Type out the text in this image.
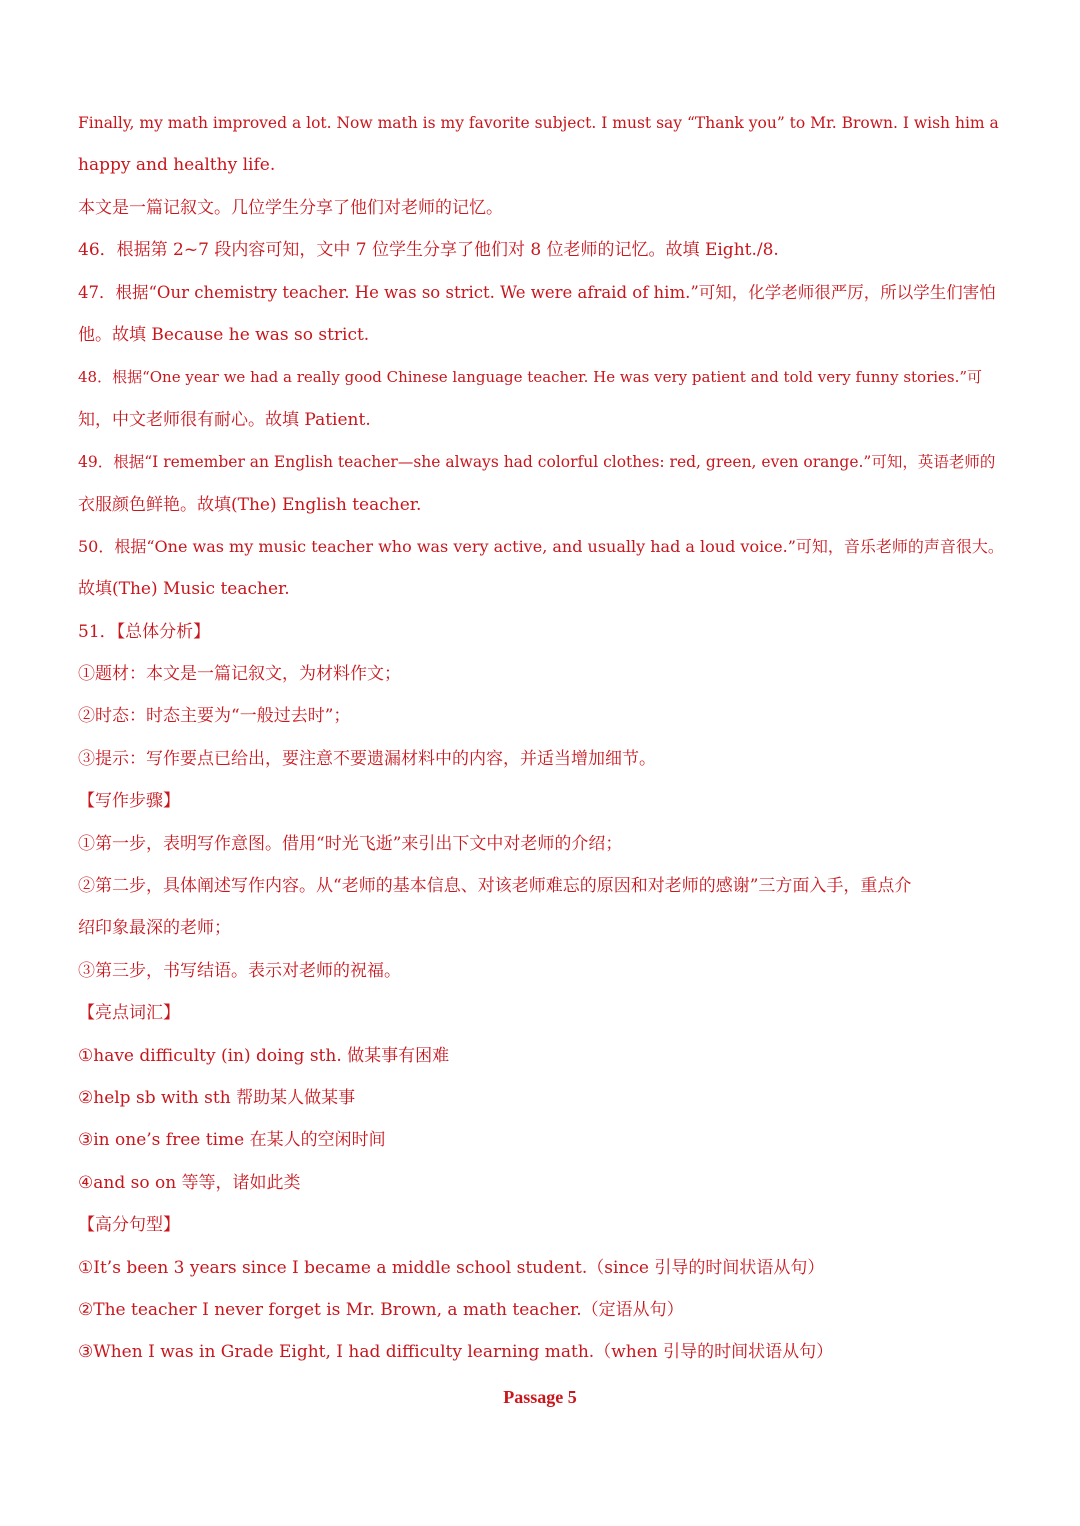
Finally, my math improved a lot. Now math is my favorite subject. I must say “Thank you” to Mr. Brown. I wish him a
happy and healthy life.
本文是一篇记叙文。几位学生分享了他们对老师的记忆。
46．根据第 2~7 段内容可知，文中 7 位学生分享了他们对 8 位老师的记忆。故填 Eight./8.
47．根据“Our chemistry teacher. He was so strict. We were afraid of him.”可知，化学老师很严厉，所以学生们害怕
他。故填 Because he was so strict.
48．根据“One year we had a really good Chinese language teacher. He was very patient and told very funny stories.”可
知，中文老师很有耐心。故填 Patient.
49．根据“I remember an English teacher—she always had colorful clothes: red, green, even orange.”可知，英语老师的
衣服颜色鲜艳。故填(The) English teacher.
50．根据“One was my music teacher who was very active, and usually had a loud voice.”可知，音乐老师的声音很大。
故填(The) Music teacher.
51．【总体分析】
①题材：本文是一篇记叙文，为材料作文；
②时态：时态主要为“一般过去时”；
③提示：写作要点已给出，要注意不要遗漏材料中的内容，并适当增加细节。
【写作步骤】
①第一步，表明写作意图。借用“时光飞逝”来引出下文中对老师的介绍；
②第二步，具体阐述写作内容。从“老师的基本信息、对该老师难忘的原因和对老师的感谢”三方面入手，重点介
绍印象最深的老师；
③第三步，书写结语。表示对老师的祝福。
【亮点词汇】
①have difficulty (in) doing sth. 做某事有困难
②help sb with sth 帮助某人做某事
③in one’s free time 在某人的空闲时间
④and so on 等等，诸如此类
【高分句型】
①It’s been 3 years since I became a middle school student.（since 引导的时间状语从句）
②The teacher I never forget is Mr. Brown, a math teacher.（定语从句）
③When I was in Grade Eight, I had difficulty learning math.（when 引导的时间状语从句）
Passage 5
